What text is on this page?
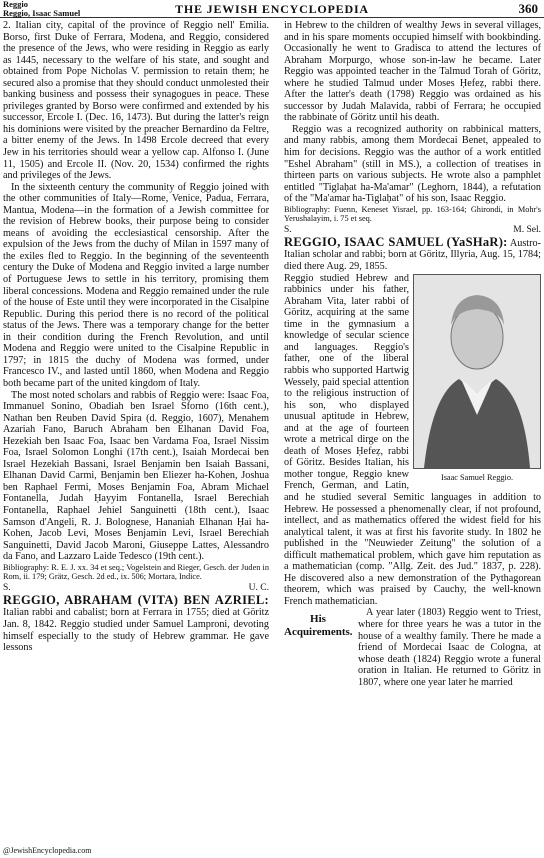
Reggio
Reggio, Isaac Samuel	THE JEWISH ENCYCLOPEDIA	360

2. Italian city, capital of the province of Reggio nell' Emilia. Borso, first Duke of Ferrara, Modena, and Reggio, considered the presence of the Jews, who were residing in Reggio as early as 1445, necessary to the welfare of his state, and sought and obtained from Pope Nicholas V. permission to retain them; he secured also a promise that they should conduct unmolested their banking business and possess their synagogues in peace. These privileges granted by Borso were confirmed and extended by his successor, Ercole I. (Dec. 16, 1473). But during the latter's reign his dominions were visited by the preacher Bernardino da Feltre, a bitter enemy of the Jews. In 1498 Ercole decreed that every Jew in his territories should wear a yellow cap. Alfonso I. (June 11, 1505) and Ercole II. (Nov. 20, 1534) confirmed the rights and privileges of the Jews.

In the sixteenth century the community of Reggio joined with the other communities of Italy—Rome, Venice, Padua, Ferrara, Mantua, Modena—in the formation of a Jewish committee for the revision of Hebrew books, their purpose being to consider means of avoiding the ecclesiastical censorship. After the expulsion of the Jews from the duchy of Milan in 1597 many of the exiles fled to Reggio. In the beginning of the seventeenth century the Duke of Modena and Reggio invited a large number of Portuguese Jews to settle in his territory, promising them liberal concessions. Modena and Reggio remained under the rule of the house of Este until they were incorporated in the Cisalpine Republic. During this period there is no record of the political status of the Jews. There was a temporary change for the better in their condition during the French Revolution, and until Modena and Reggio were united to the Cisalpine Republic in 1797; in 1815 the duchy of Modena was formed, under Francesco IV., and lasted until 1860, when Modena and Reggio both became part of the united kingdom of Italy.

The most noted scholars and rabbis of Reggio were: Isaac Foa, Immanuel Sonino, Obadiah ben Israel Sforno (16th cent.), Nathan ben Reuben David Spira (d. Reggio, 1607), Menahem Azariah Fano, Baruch Abraham ben Elhanan David Foa, Hezekiah ben Isaac Foa, Isaac ben Vardama Foa, Israel Nissim Foa, Israel Solomon Longhi (17th cent.), Isaiah Mordecai ben Israel Hezekiah Bassani, Israel Benjamin ben Isaiah Bassani, Elhanan David Carmi, Benjamin ben Eliezer ha-Kohen, Joshua ben Raphael Fermi, Moses Benjamin Foa, Abram Michael Fontanella, Judah Ḥayyim Fontanella, Israel Berechiah Fontanella, Raphael Jehiel Sanguinetti (18th cent.), Isaac Samson d'Angeli, R. J. Bolognese, Hananiah Elhanan Ḥai ha-Kohen, Jacob Levi, Moses Benjamin Levi, Israel Berechiah Sanguinetti, David Jacob Maroni, Giuseppe Lattes, Alessandro da Fano, and Lazzaro Laide Tedesco (19th cent.).

Bibliography: R. E. J. xx. 34 et seq.; Vogelstein and Rieger, Gesch. der Juden in Rom, ii. 179; Grätz, Gesch. 2d ed., ix. 506; Mortara, Indice.

S.	U. C.

REGGIO, ABRAHAM (VITA) BEN AZRIEL: Italian rabbi and cabalist; born at Ferrara in 1755; died at Göritz Jan. 8, 1842. Reggio studied under Samuel Lamproni, devoting himself especially to the study of Hebrew grammar. He gave lessons

in Hebrew to the children of wealthy Jews in several villages, and in his spare moments occupied himself with bookbinding. Occasionally he went to Gradisca to attend the lectures of Abraham Morpurgo, whose son-in-law he became. Later Reggio was appointed teacher in the Talmud Torah of Göritz, where he studied Talmud under Moses Ḥefeẓ, rabbi there. After the latter's death (1798) Reggio was ordained as his successor by Judah Malavida, rabbi of Ferrara; he occupied the rabbinate of Göritz until his death.

Reggio was a recognized authority on rabbinical matters, and many rabbis, among them Mordecai Benet, appealed to him for decisions. Reggio was the author of a work entitled "Eshel Abraham" (still in MS.), a collection of treatises in thirteen parts on various subjects. He wrote also a pamphlet entitled "Tiglaḥat ha-Ma'amar" (Leghorn, 1844), a refutation of the "Ma'amar ha-Tiglaḥat" of his son, Isaac Reggio.

Bibliography: Fuenn, Keneset Yisrael, pp. 163-164; Ghirondi, in Mohr's Yerushalayim, i. 75 et seq.

S.	M. Sel.

REGGIO, ISAAC SAMUEL (YaSHaR): Austro-Italian scholar and rabbi; born at Göritz, Illyria, Aug. 15, 1784; died there Aug. 29, 1855.

Isaac Samuel Reggio.

Reggio studied Hebrew and rabbinics under his father, Abraham Vita, later rabbi of Göritz, acquiring at the same time in the gymnasium a knowledge of secular science and languages. Reggio's father, one of the liberal rabbis who supported Hartwig Wessely, paid special attention to the religious instruction of his son, who displayed unusual aptitude in Hebrew, and at the age of fourteen wrote a metrical dirge on the death of Moses Ḥefeẓ, rabbi of Göritz. Besides Italian, his mother tongue, Reggio knew French, German, and Latin, and he studied several Semitic languages in addition to Hebrew. He possessed a phenomenally clear, if not profound, intellect, and as mathematics offered the widest field for his analytical talent, it was at first his favorite study. In 1802 he published in the "Neuwieder Zeitung" the solution of a difficult mathematical problem, which gave him reputation as a mathematician (comp. "Allg. Zeit. des Jud." 1837, p. 228). He discovered also a new demonstration of the Pythagorean theorem, which was praised by Cauchy, the well-known French mathematician.

His Acquirements.

A year later (1803) Reggio went to Triest, where for three years he was a tutor in the house of a wealthy family. There he made a friend of Mordecai Isaac de Cologna, at whose death (1824) Reggio wrote a funeral oration in Italian. He returned to Göritz in 1807, where one year later he married

@JewishEncyclopedia.com
